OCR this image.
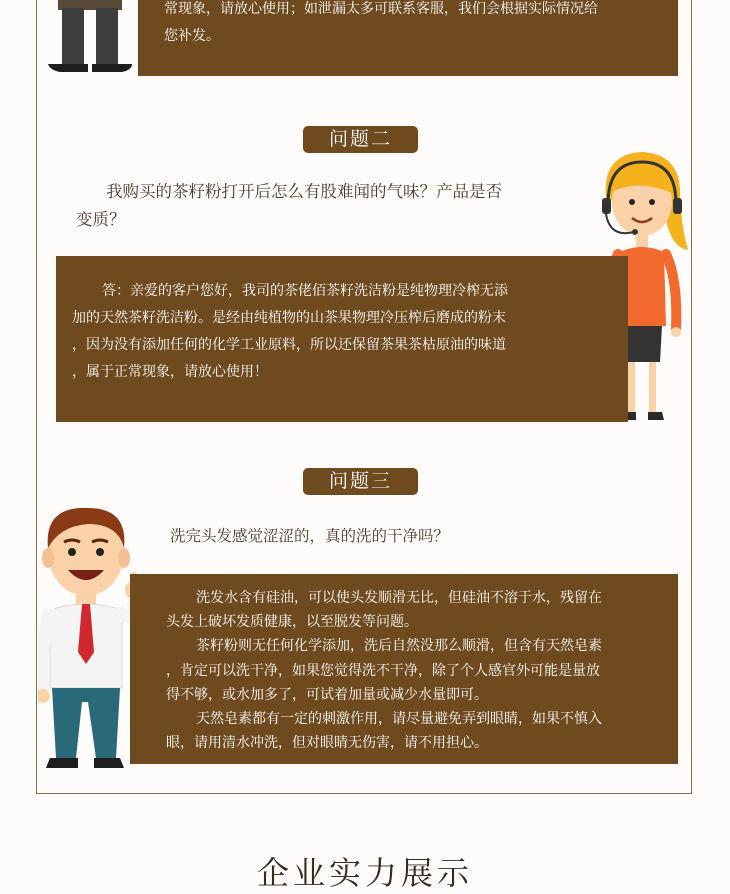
常现象，请放心使用；如泄漏太多可联系客服，我们会根据实际情况给

您补发。

问题二
我购买的茶籽粉打开后怎么有股难闻的气味？产品是否
变质？

答：亲爱的客户您好，我司的茶佬佰茶籽洗洁粉是纯物理冷榨无添

加的天然茶籽洗洁粉。是经由纯植物的山茶果物理冷压榨后磨成的粉末

，因为没有添加任何的化学工业原料，所以还保留茶果茶枯原油的味道

，属于正常现象，请放心使用！

问题三
洗完头发感觉涩涩的，真的洗的干净吗？

洗发水含有硅油，可以使头发顺滑无比，但硅油不溶于水，残留在

头发上破坏发质健康，以至脱发等问题。

茶籽粉则无任何化学添加，洗后自然没那么顺滑，但含有天然皂素

，肯定可以洗干净，如果您觉得洗不干净，除了个人感官外可能是量放

得不够，或水加多了，可试着加量或减少水量即可。

天然皂素都有一定的刺激作用，请尽量避免弄到眼睛，如果不慎入

眼，请用清水冲洗，但对眼睛无伤害，请不用担心。

企业实力展示
